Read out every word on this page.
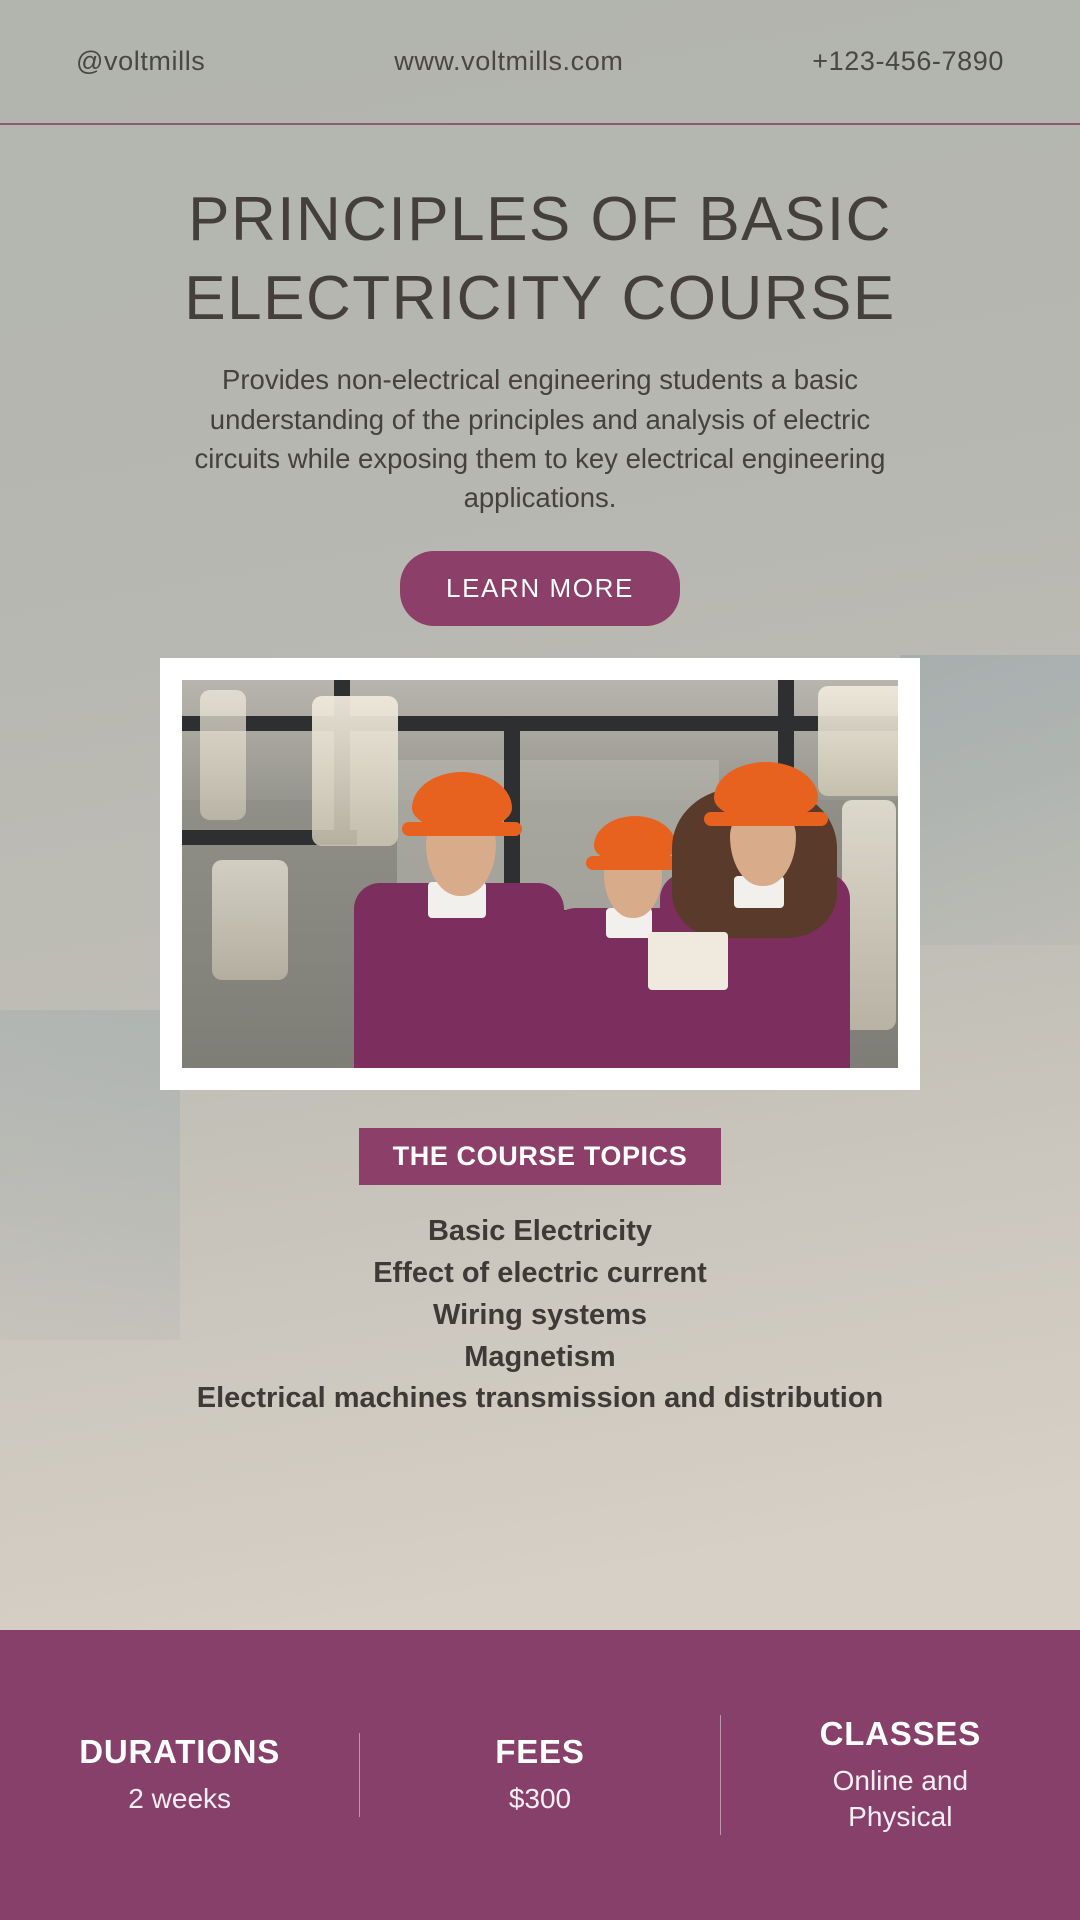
@voltmills	www.voltmills.com	+123-456-7890
PRINCIPLES OF BASIC ELECTRICITY COURSE

Provides non-electrical engineering students a basic understanding of the principles and analysis of electric circuits while exposing them to key electrical engineering applications.

LEARN MORE
THE COURSE TOPICS
Basic Electricity
Effect of electric current
Wiring systems
Magnetism
Electrical machines transmission and distribution
DURATIONS
2 weeks
FEES
$300
CLASSES
Online and Physical
